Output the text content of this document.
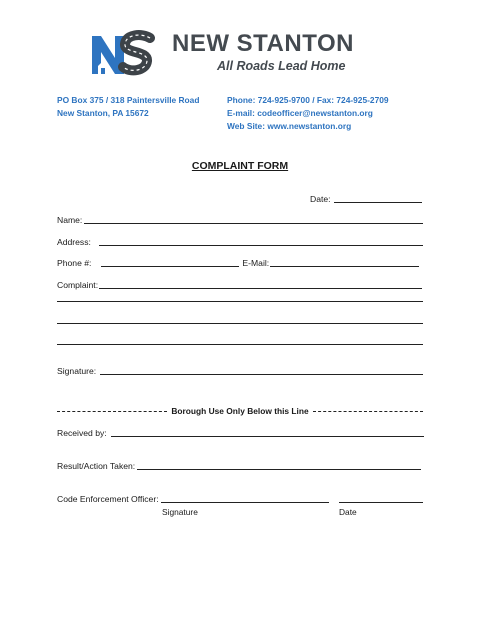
NEW STANTON
All Roads Lead Home
PO Box 375 / 318 Paintersville Road
New Stanton, PA 15672
Phone: 724-925-9700 / Fax: 724-925-2709
E-mail: codeofficer@newstanton.org
Web Site: www.newstanton.org
COMPLAINT FORM
Date:
Name:
Address:
Phone #:	E-Mail:
Complaint:
Signature:
Borough Use Only Below this Line
Received by:
Result/Action Taken:
Code Enforcement Officer:
Signature	Date
